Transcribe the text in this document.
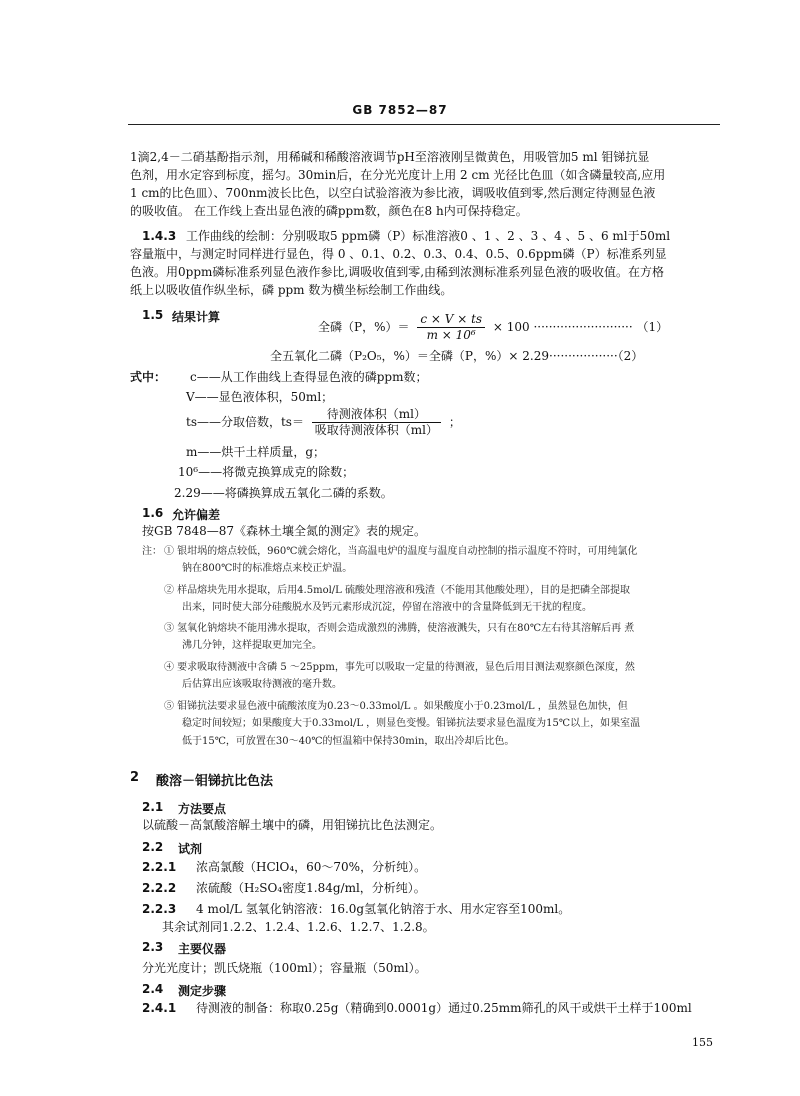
GB 7852—87
1滴2,4－二硝基酚指示剂，用稀碱和稀酸溶液调节pH至溶液刚呈微黄色，用吸管加5 ml 钼锑抗显
色剂，用水定容到标度，摇匀。30min后，在分光光度计上用 2 cm 光径比色皿（如含磷量较高,应用
1 cm的比色皿）、700nm波长比色，以空白试验溶液为参比液，调吸收值到零,然后测定待测显色液
的吸收值。 在工作线上查出显色液的磷ppm数，颜色在8 h内可保持稳定。
1.4.3 工作曲线的绘制：分别吸取5 ppm磷（P）标准溶液0 、1 、2 、3 、4 、5 、6 ml于50ml
容量瓶中，与测定时同样进行显色，得 0 、0.1、0.2、0.3、0.4、0.5、0.6ppm磷（P）标准系列显
色液。用0ppm磷标准系列显色液作参比,调吸收值到零,由稀到浓测标准系列显色液的吸收值。在方格
纸上以吸收值作纵坐标，磷 ppm 数为横坐标绘制工作曲线。
1.5 结果计算
全磷（P，%）＝ $\frac{c \times V \times ts}{\text{m × 10⁶}} \times 100$ ·························· （1）
全五氧化二磷（P₂O₅，%）＝全磷（P，%）× 2.29··················（2）
式中： c——从工作曲线上查得显色液的磷ppm数；
V——显色液体积，50ml；
ts——分取倍数，$ts= \frac{\text{待测液体积（ml）}}{\text{吸取待测液体积（ml）}}$ ；
m——烘干土样质量，g；
10⁶——将微克换算成克的除数；
2.29——将磷换算成五氧化二磷的系数。
1.6 允许偏差
按GB 7848—87《森林土壤全氮的测定》表的规定。
注： ① 银坩埚的熔点较低，960℃就会熔化，当高温电炉的温度与温度自动控制的指示温度不符时，可用纯氯化
钠在800℃时的标准熔点来校正炉温。
② 样品熔块先用水提取，后用4.5mol/L 硫酸处理溶液和残渣（不能用其他酸处理），目的是把磷全部提取
出来，同时使大部分硅酸脱水及钙元素形成沉淀，停留在溶液中的含量降低到无干扰的程度。
③ 氢氧化钠熔块不能用沸水提取，否则会造成激烈的沸腾，使溶液溅失，只有在80℃左右待其溶解后再 煮
沸几分钟，这样提取更加完全。
④ 要求吸取待测液中含磷 5 ～25ppm，事先可以吸取一定量的待测液，显色后用目测法观察颜色深度，然
后估算出应该吸取待测液的毫升数。
⑤ 钼锑抗法要求显色液中硫酸浓度为0.23～0.33mol/L 。如果酸度小于0.23mol/L ，虽然显色加快，但
稳定时间较短；如果酸度大于0.33mol/L ，则显色变慢。钼锑抗法要求显色温度为15℃以上，如果室温
低于15℃，可放置在30～40℃的恒温箱中保持30min，取出冷却后比色。
2 酸溶－钼锑抗比色法
2.1 方法要点
以硫酸－高氯酸溶解土壤中的磷，用钼锑抗比色法测定。
2.2 试剂
2.2.1 浓高氯酸（HClO₄，60～70%，分析纯）。
2.2.2 浓硫酸（H₂SO₄密度1.84g/ml，分析纯）。
2.2.3 4 mol/L 氢氧化钠溶液：16.0g氢氧化钠溶于水、用水定容至100ml。
其余试剂同1.2.2、1.2.4、1.2.6、1.2.7、1.2.8。
2.3 主要仪器
分光光度计；凯氏烧瓶（100ml）；容量瓶（50ml）。
2.4 测定步骤
2.4.1 待测液的制备：称取0.25g（精确到0.0001g）通过0.25mm筛孔的风干或烘干土样于100ml
155
